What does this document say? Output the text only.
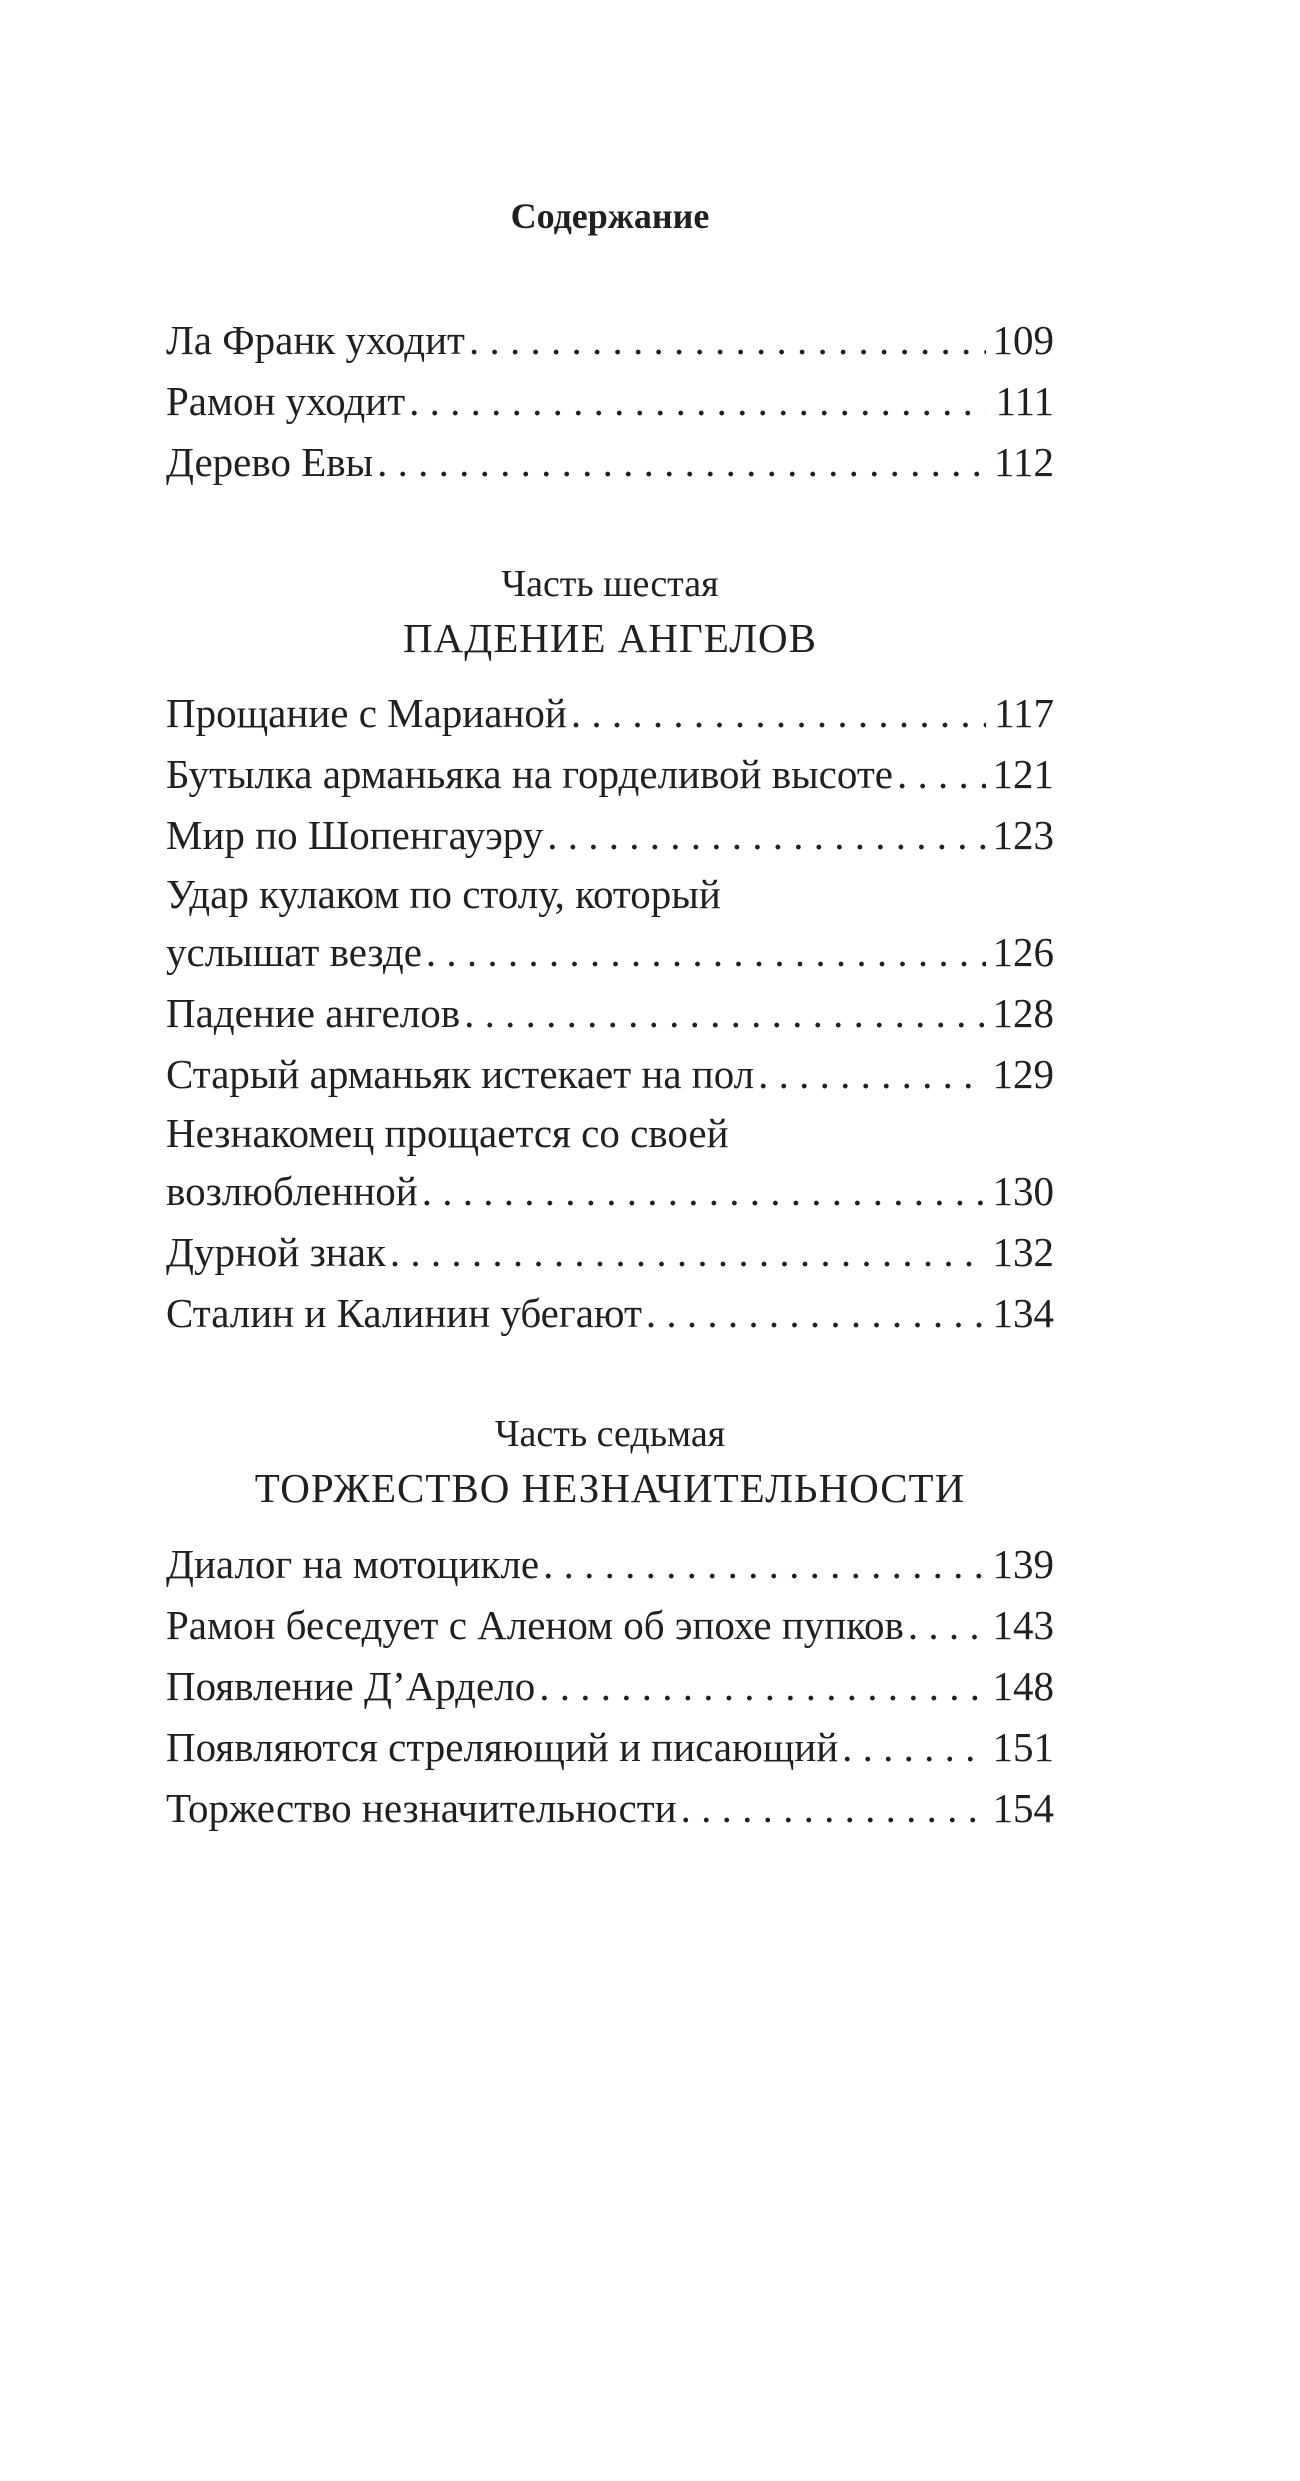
Содержание
Ла Франк уходит . . .	109
Рамон уходит . . .	111
Дерево Евы . . .	112
Часть шестая
ПАДЕНИЕ АНГЕЛОВ
Прощание с Марианой . . .	117
Бутылка арманьяка на горделивой высоте . . . 121
Мир по Шопенгауэру . . .	123
Удар кулаком по столу, который
услышат везде . . .	126
Падение ангелов . . .	128
Старый арманьяк истекает на пол . . .	129
Незнакомец прощается со своей
возлюбленной . . .	130
Дурной знак . . .	132
Сталин и Калинин убегают . . .	134
Часть седьмая
ТОРЖЕСТВО НЕЗНАЧИТЕЛЬНОСТИ
Диалог на мотоцикле . . .	139
Рамон беседует с Аленом об эпохе пупков . . . 143
Появление Д’Ардело . . .	148
Появляются стреляющий и писающий . . .	151
Торжество незначительности . . .	154
